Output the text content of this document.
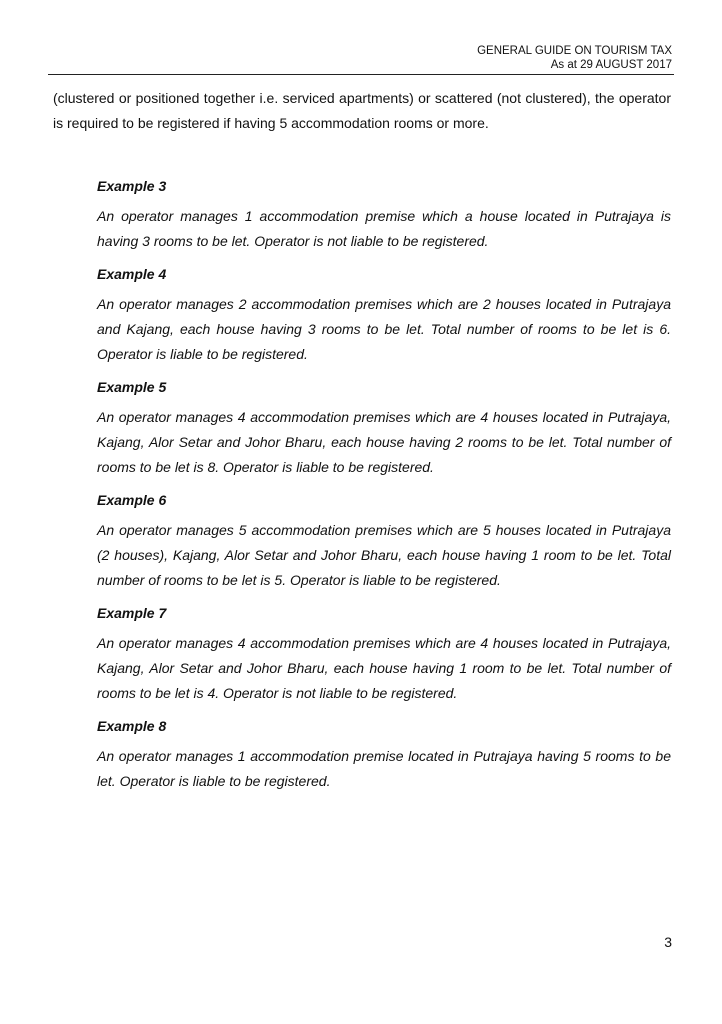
GENERAL GUIDE ON TOURISM TAX
As at 29 AUGUST 2017

(clustered or positioned together i.e. serviced apartments) or scattered (not clustered), the operator is required to be registered if having 5 accommodation rooms or more.

Example 3

An operator manages 1 accommodation premise which a house located in Putrajaya is having 3 rooms to be let. Operator is not liable to be registered.

Example 4

An operator manages 2 accommodation premises which are 2 houses located in Putrajaya and Kajang, each house having 3 rooms to be let. Total number of rooms to be let is 6. Operator is liable to be registered.

Example 5

An operator manages 4 accommodation premises which are 4 houses located in Putrajaya, Kajang, Alor Setar and Johor Bharu, each house having 2 rooms to be let. Total number of rooms to be let is 8. Operator is liable to be registered.

Example 6

An operator manages 5 accommodation premises which are 5 houses located in Putrajaya (2 houses), Kajang, Alor Setar and Johor Bharu, each house having 1 room to be let. Total number of rooms to be let is 5. Operator is liable to be registered.

Example 7

An operator manages 4 accommodation premises which are 4 houses located in Putrajaya, Kajang, Alor Setar and Johor Bharu, each house having 1 room to be let. Total number of rooms to be let is 4. Operator is not liable to be registered.

Example 8

An operator manages 1 accommodation premise located in Putrajaya having 5 rooms to be let. Operator is liable to be registered.

3
